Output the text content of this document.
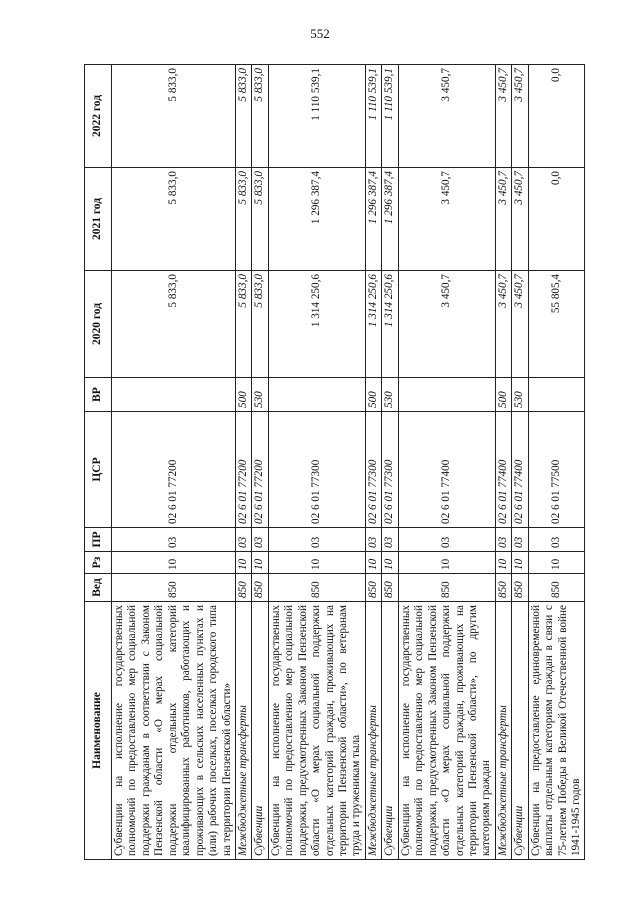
552
Наименование	Вед	Рз	ПР	ЦСР	ВР	2020 год	2021 год	2022 год
Субвенции на исполнение государственных полномочий по предоставлению мер социальной поддержки гражданам в соответствии с Законом Пензенской области «О мерах социальной поддержки отдельных категорий квалифицированных работников, работающих и проживающих в сельских населенных пунктах и (или) рабочих поселках, поселках городского типа на территории Пензенской области»	850	10	03	02 6 01 77200		5 833,0	5 833,0	5 833,0
Межбюджетные трансферты	850	10	03	02 6 01 77200	500	5 833,0	5 833,0	5 833,0
Субвенции	850	10	03	02 6 01 77200	530	5 833,0	5 833,0	5 833,0
Субвенции на исполнение государственных полномочий по предоставлению мер социальной поддержки, предусмотренных Законом Пензенской области «О мерах социальной поддержки отдельных категорий граждан, проживающих на территории Пензенской области», по ветеранам труда и труженикам тыла	850	10	03	02 6 01 77300		1 314 250,6	1 296 387,4	1 110 539,1
Межбюджетные трансферты	850	10	03	02 6 01 77300	500	1 314 250,6	1 296 387,4	1 110 539,1
Субвенции	850	10	03	02 6 01 77300	530	1 314 250,6	1 296 387,4	1 110 539,1
Субвенции на исполнение государственных полномочий по предоставлению мер социальной поддержки, предусмотренных Законом Пензенской области «О мерах социальной поддержки отдельных категорий граждан, проживающих на территории Пензенской области», по другим категориям граждан	850	10	03	02 6 01 77400		3 450,7	3 450,7	3 450,7
Межбюджетные трансферты	850	10	03	02 6 01 77400	500	3 450,7	3 450,7	3 450,7
Субвенции	850	10	03	02 6 01 77400	530	3 450,7	3 450,7	3 450,7
Субвенции на предоставление единовременной выплаты отдельным категориям граждан в связи с 75-летием Победы в Великой Отечественной войне 1941-1945 годов	850	10	03	02 6 01 77500		55 805,4	0,0	0,0
